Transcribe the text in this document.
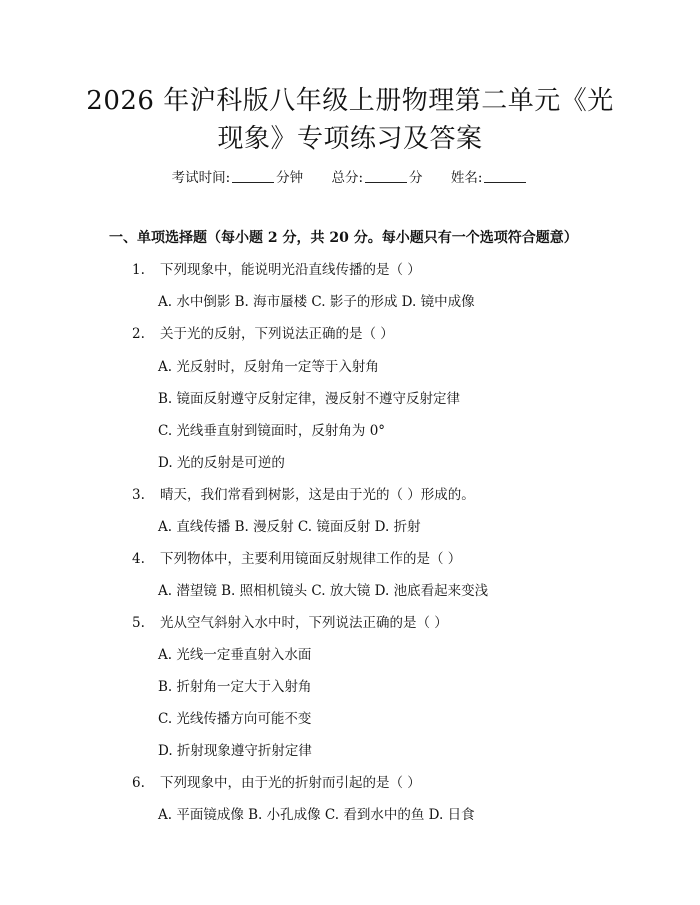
2026 年沪科版八年级上册物理第二单元《光
现象》专项练习及答案
考试时间:	分钟 总分:	分 姓名:
一、单项选择题（每小题 2 分，共 20 分。每小题只有一个选项符合题意）
1.	下列现象中，能说明光沿直线传播的是（ ）
A. 水中倒影 B. 海市蜃楼 C. 影子的形成 D. 镜中成像
2.	关于光的反射，下列说法正确的是（ ）
A. 光反射时，反射角一定等于入射角
B. 镜面反射遵守反射定律，漫反射不遵守反射定律
C. 光线垂直射到镜面时，反射角为 0°
D. 光的反射是可逆的
3.	晴天，我们常看到树影，这是由于光的（ ）形成的。
A. 直线传播 B. 漫反射 C. 镜面反射 D. 折射
4.	下列物体中，主要利用镜面反射规律工作的是（ ）
A. 潜望镜 B. 照相机镜头 C. 放大镜 D. 池底看起来变浅
5.	光从空气斜射入水中时，下列说法正确的是（ ）
A. 光线一定垂直射入水面
B. 折射角一定大于入射角
C. 光线传播方向可能不变
D. 折射现象遵守折射定律
6.	下列现象中，由于光的折射而引起的是（ ）
A. 平面镜成像 B. 小孔成像 C. 看到水中的鱼 D. 日食
